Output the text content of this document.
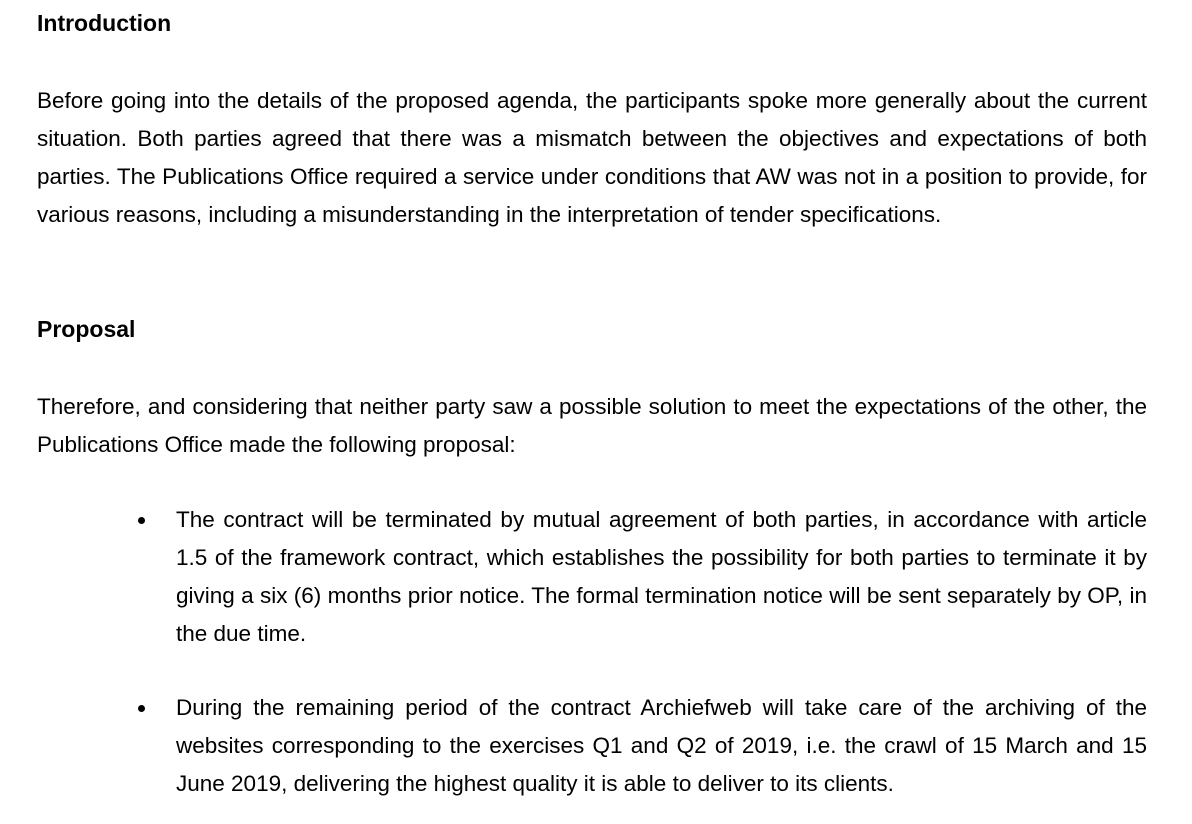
Introduction

Before going into the details of the proposed agenda, the participants spoke more generally about the current situation. Both parties agreed that there was a mismatch between the objectives and expectations of both parties. The Publications Office required a service under conditions that AW was not in a position to provide, for various reasons, including a misunderstanding in the interpretation of tender specifications.

Proposal

Therefore, and considering that neither party saw a possible solution to meet the expectations of the other, the Publications Office made the following proposal:

The contract will be terminated by mutual agreement of both parties, in accordance with article 1.5 of the framework contract, which establishes the possibility for both parties to terminate it by giving a six (6) months prior notice. The formal termination notice will be sent separately by OP, in the due time.

During the remaining period of the contract Archiefweb will take care of the archiving of the websites corresponding to the exercises Q1 and Q2 of 2019, i.e. the crawl of 15 March and 15 June 2019, delivering the highest quality it is able to deliver to its clients.
